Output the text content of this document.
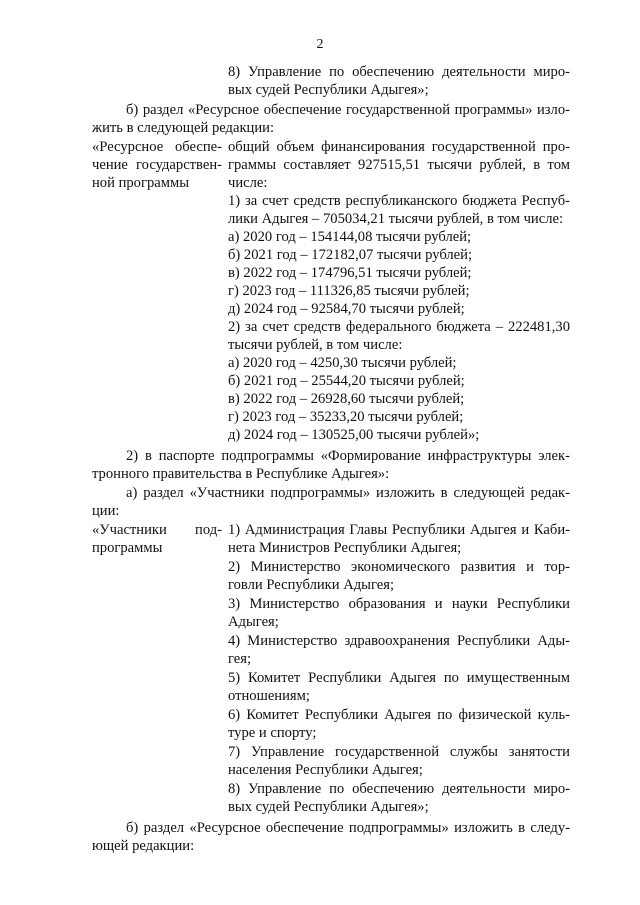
2
8) Управление по обеспечению деятельности миро-
вых судей Республики Адыгея»;
б) раздел «Ресурсное обеспечение государственной программы» изло-
жить в следующей редакции:
«Ресурсное обеспе-
чение государствен-
ной программы
общий объем финансирования государственной про-
граммы составляет 927515,51 тысячи рублей, в том
числе:
1) за счет средств республиканского бюджета Респуб-
лики Адыгея – 705034,21 тысячи рублей, в том числе:
а) 2020 год – 154144,08 тысячи рублей;
б) 2021 год – 172182,07 тысячи рублей;
в) 2022 год – 174796,51 тысячи рублей;
г) 2023 год – 111326,85 тысячи рублей;
д) 2024 год – 92584,70 тысячи рублей;
2) за счет средств федерального бюджета – 222481,30
тысячи рублей, в том числе:
а) 2020 год – 4250,30 тысячи рублей;
б) 2021 год – 25544,20 тысячи рублей;
в) 2022 год – 26928,60 тысячи рублей;
г) 2023 год – 35233,20 тысячи рублей;
д) 2024 год – 130525,00 тысячи рублей»;
2) в паспорте подпрограммы «Формирование инфраструктуры элек-
тронного правительства в Республике Адыгея»:
а) раздел «Участники подпрограммы» изложить в следующей редак-
ции:
«Участники под-
программы
1) Администрация Главы Республики Адыгея и Каби-
нета Министров Республики Адыгея;
2) Министерство экономического развития и тор-
говли Республики Адыгея;
3) Министерство образования и науки Республики
Адыгея;
4) Министерство здравоохранения Республики Ады-
гея;
5) Комитет Республики Адыгея по имущественным
отношениям;
6) Комитет Республики Адыгея по физической куль-
туре и спорту;
7) Управление государственной службы занятости
населения Республики Адыгея;
8) Управление по обеспечению деятельности миро-
вых судей Республики Адыгея»;
б) раздел «Ресурсное обеспечение подпрограммы» изложить в следу-
ющей редакции:
